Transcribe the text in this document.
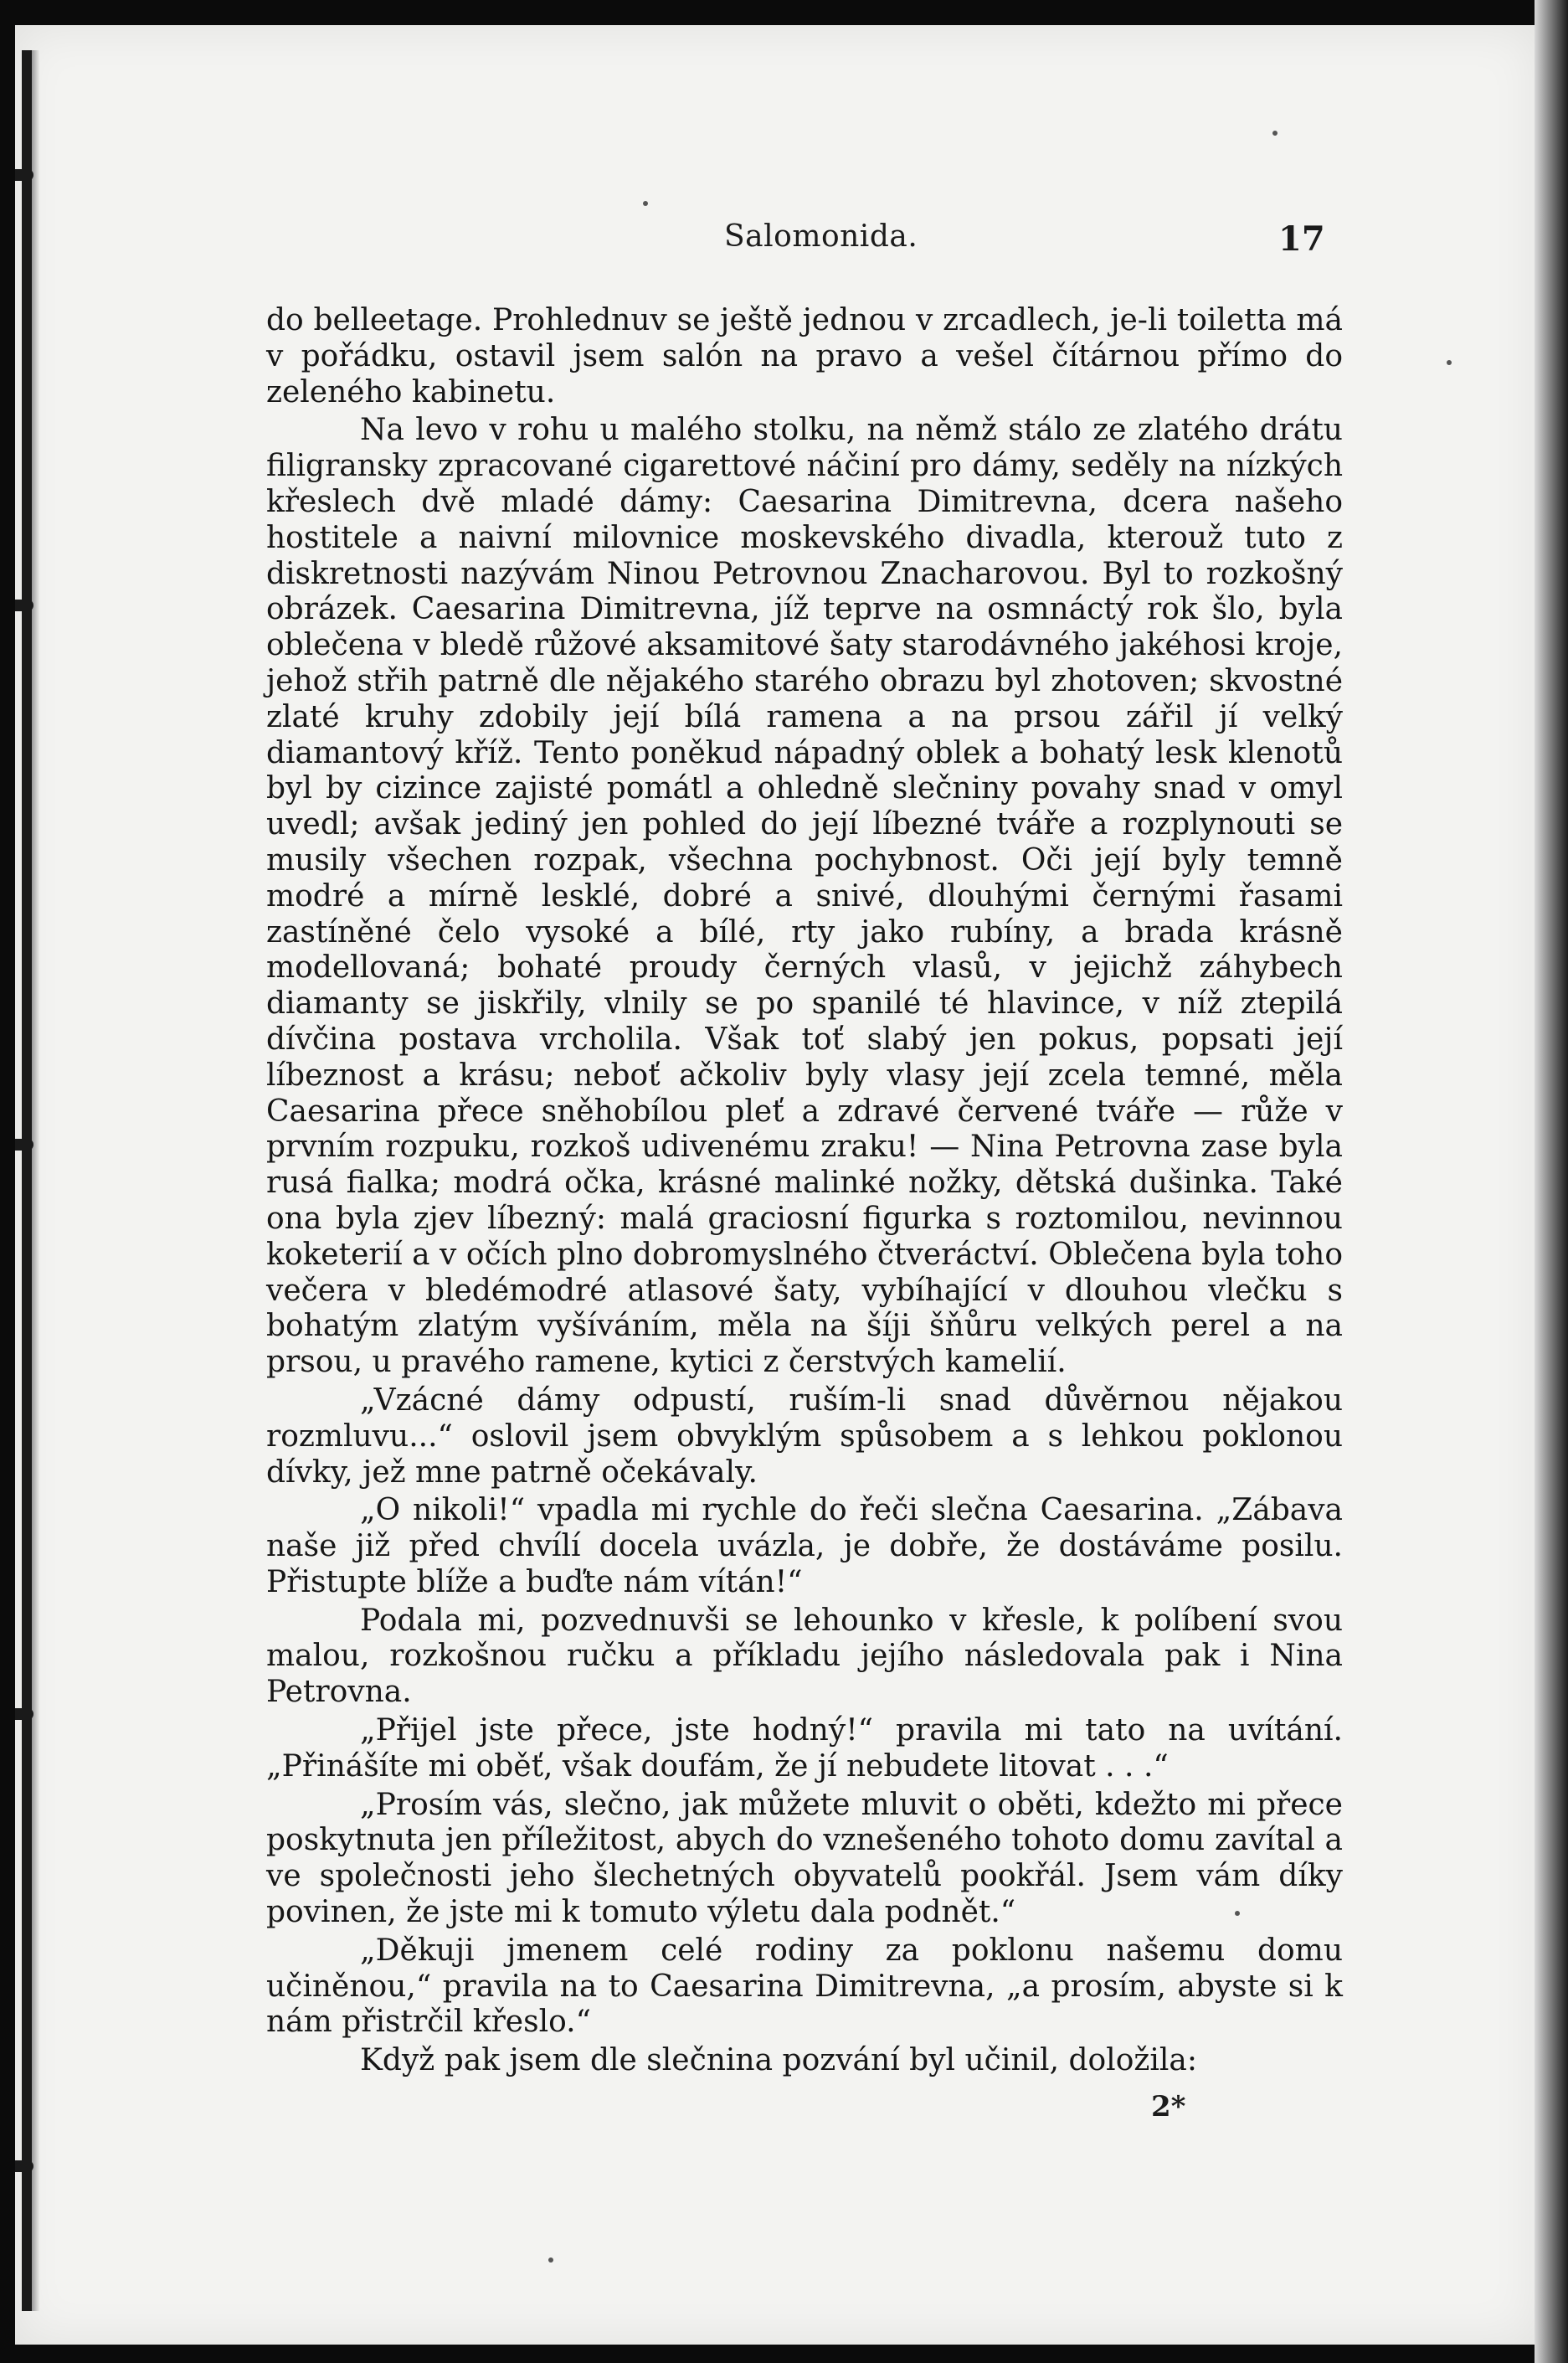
Salomonida.	17

do belleetage. Prohlednuv se ještě jednou v zrcadlech, je-li toiletta má v pořádku, ostavil jsem salón na pravo a vešel čítárnou přímo do zeleného kabinetu.

Na levo v rohu u malého stolku, na němž stálo ze zlatého drátu filigransky zpracované cigarettové náčiní pro dámy, seděly na nízkých křeslech dvě mladé dámy: Caesarina Dimitrevna, dcera našeho hostitele a naivní milovnice moskevského divadla, kterouž tuto z diskretnosti nazývám Ninou Petrovnou Znacharovou. Byl to rozkošný obrázek. Caesarina Dimitrevna, jíž teprve na osmnáctý rok šlo, byla oblečena v bledě růžové aksamitové šaty starodávného jakéhosi kroje, jehož střih patrně dle nějakého starého obrazu byl zhotoven; skvostné zlaté kruhy zdobily její bílá ramena a na prsou zářil jí velký diamantový kříž. Tento poněkud nápadný oblek a bohatý lesk klenotů byl by cizince zajisté pomátl a ohledně slečniny povahy snad v omyl uvedl; avšak jediný jen pohled do její líbezné tváře a rozplynouti se musily všechen rozpak, všechna pochybnost. Oči její byly temně modré a mírně lesklé, dobré a snivé, dlouhými černými řasami zastíněné čelo vysoké a bílé, rty jako rubíny, a brada krásně modellovaná; bohaté proudy černých vlasů, v jejichž záhybech diamanty se jiskřily, vlnily se po spanilé té hlavince, v níž ztepilá dívčina postava vrcholila. Však toť slabý jen pokus, popsati její líbeznost a krásu; neboť ačkoliv byly vlasy její zcela temné, měla Caesarina přece sněhobílou pleť a zdravé červené tváře — růže v prvním rozpuku, rozkoš udivenému zraku! — Nina Petrovna zase byla rusá fialka; modrá očka, krásné malinké nožky, dětská dušinka. Také ona byla zjev líbezný: malá graciosní figurka s roztomilou, nevinnou koketerií a v očích plno dobromyslného čtveráctví. Oblečena byla toho večera v bledémodré atlasové šaty, vybíhající v dlouhou vlečku s bohatým zlatým vyšíváním, měla na šíji šňůru velkých perel a na prsou, u pravého ramene, kytici z čerstvých kamelií.

„Vzácné dámy odpustí, ruším-li snad důvěrnou nějakou rozmluvu...“ oslovil jsem obvyklým spůsobem a s lehkou poklonou dívky, jež mne patrně očekávaly.

„O nikoli!“ vpadla mi rychle do řeči slečna Caesarina. „Zábava naše již před chvílí docela uvázla, je dobře, že dostáváme posilu. Přistupte blíže a buďte nám vítán!“

Podala mi, pozvednuvši se lehounko v křesle, k políbení svou malou, rozkošnou ručku a příkladu jejího následovala pak i Nina Petrovna.

„Přijel jste přece, jste hodný!“ pravila mi tato na uvítání. „Přinášíte mi oběť, však doufám, že jí nebudete litovat . . .“

„Prosím vás, slečno, jak můžete mluvit o oběti, kdežto mi přece poskytnuta jen příležitost, abych do vznešeného tohoto domu zavítal a ve společnosti jeho šlechetných obyvatelů pookřál. Jsem vám díky povinen, že jste mi k tomuto výletu dala podnět.“

„Děkuji jmenem celé rodiny za poklonu našemu domu učiněnou,“ pravila na to Caesarina Dimitrevna, „a prosím, abyste si k nám přistrčil křeslo.“

Když pak jsem dle slečnina pozvání byl učinil, doložila:

2*
